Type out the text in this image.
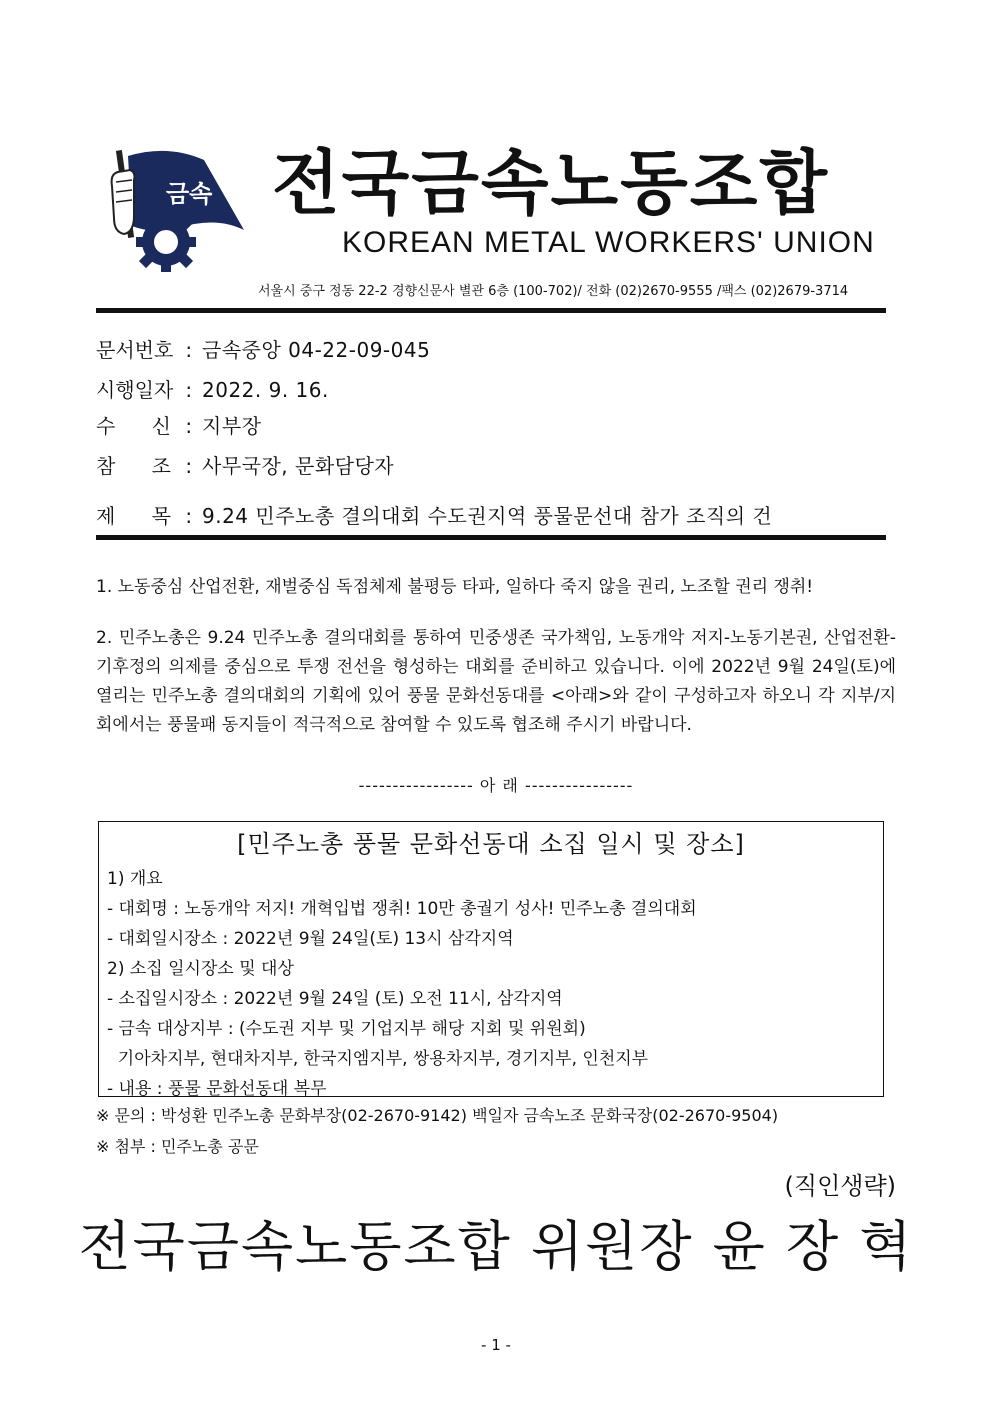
금속 전국금속노동조합
KOREAN METAL WORKERS' UNION
서울시 중구 정동 22-2 경향신문사 별관 6층 (100-702)/ 전화 (02)2670-9555 /팩스 (02)2679-3714
문서번호 : 금속중앙 04-22-09-045
시행일자 : 2022. 9. 16.
수 신 : 지부장
참 조 : 사무국장, 문화담당자
제 목 : 9.24 민주노총 결의대회 수도권지역 풍물문선대 참가 조직의 건
1. 노동중심 산업전환, 재벌중심 독점체제 불평등 타파, 일하다 죽지 않을 권리, 노조할 권리 쟁취!
2. 민주노총은 9.24 민주노총 결의대회를 통하여 민중생존 국가책임, 노동개악 저지-노동기본권, 산업전환-기후정의 의제를 중심으로 투쟁 전선을 형성하는 대회를 준비하고 있습니다. 이에 2022년 9월 24일(토)에 열리는 민주노총 결의대회의 기획에 있어 풍물 문화선동대를 <아래>와 같이 구성하고자 하오니 각 지부/지회에서는 풍물패 동지들이 적극적으로 참여할 수 있도록 협조해 주시기 바랍니다.
----------------- 아 래 ----------------
[민주노총 풍물 문화선동대 소집 일시 및 장소]
1) 개요
- 대회명 : 노동개악 저지! 개혁입법 쟁취! 10만 총궐기 성사! 민주노총 결의대회
- 대회일시장소 : 2022년 9월 24일(토) 13시 삼각지역
2) 소집 일시장소 및 대상
- 소집일시장소 : 2022년 9월 24일 (토) 오전 11시, 삼각지역
- 금속 대상지부 : (수도권 지부 및 기업지부 해당 지회 및 위원회)
기아차지부, 현대차지부, 한국지엠지부, 쌍용차지부, 경기지부, 인천지부
- 내용 : 풍물 문화선동대 복무
※ 문의 : 박성환 민주노총 문화부장(02-2670-9142) 백일자 금속노조 문화국장(02-2670-9504)
※ 첨부 : 민주노총 공문
(직인생략)
전국금속노동조합 위원장 윤 장 혁
- 1 -
